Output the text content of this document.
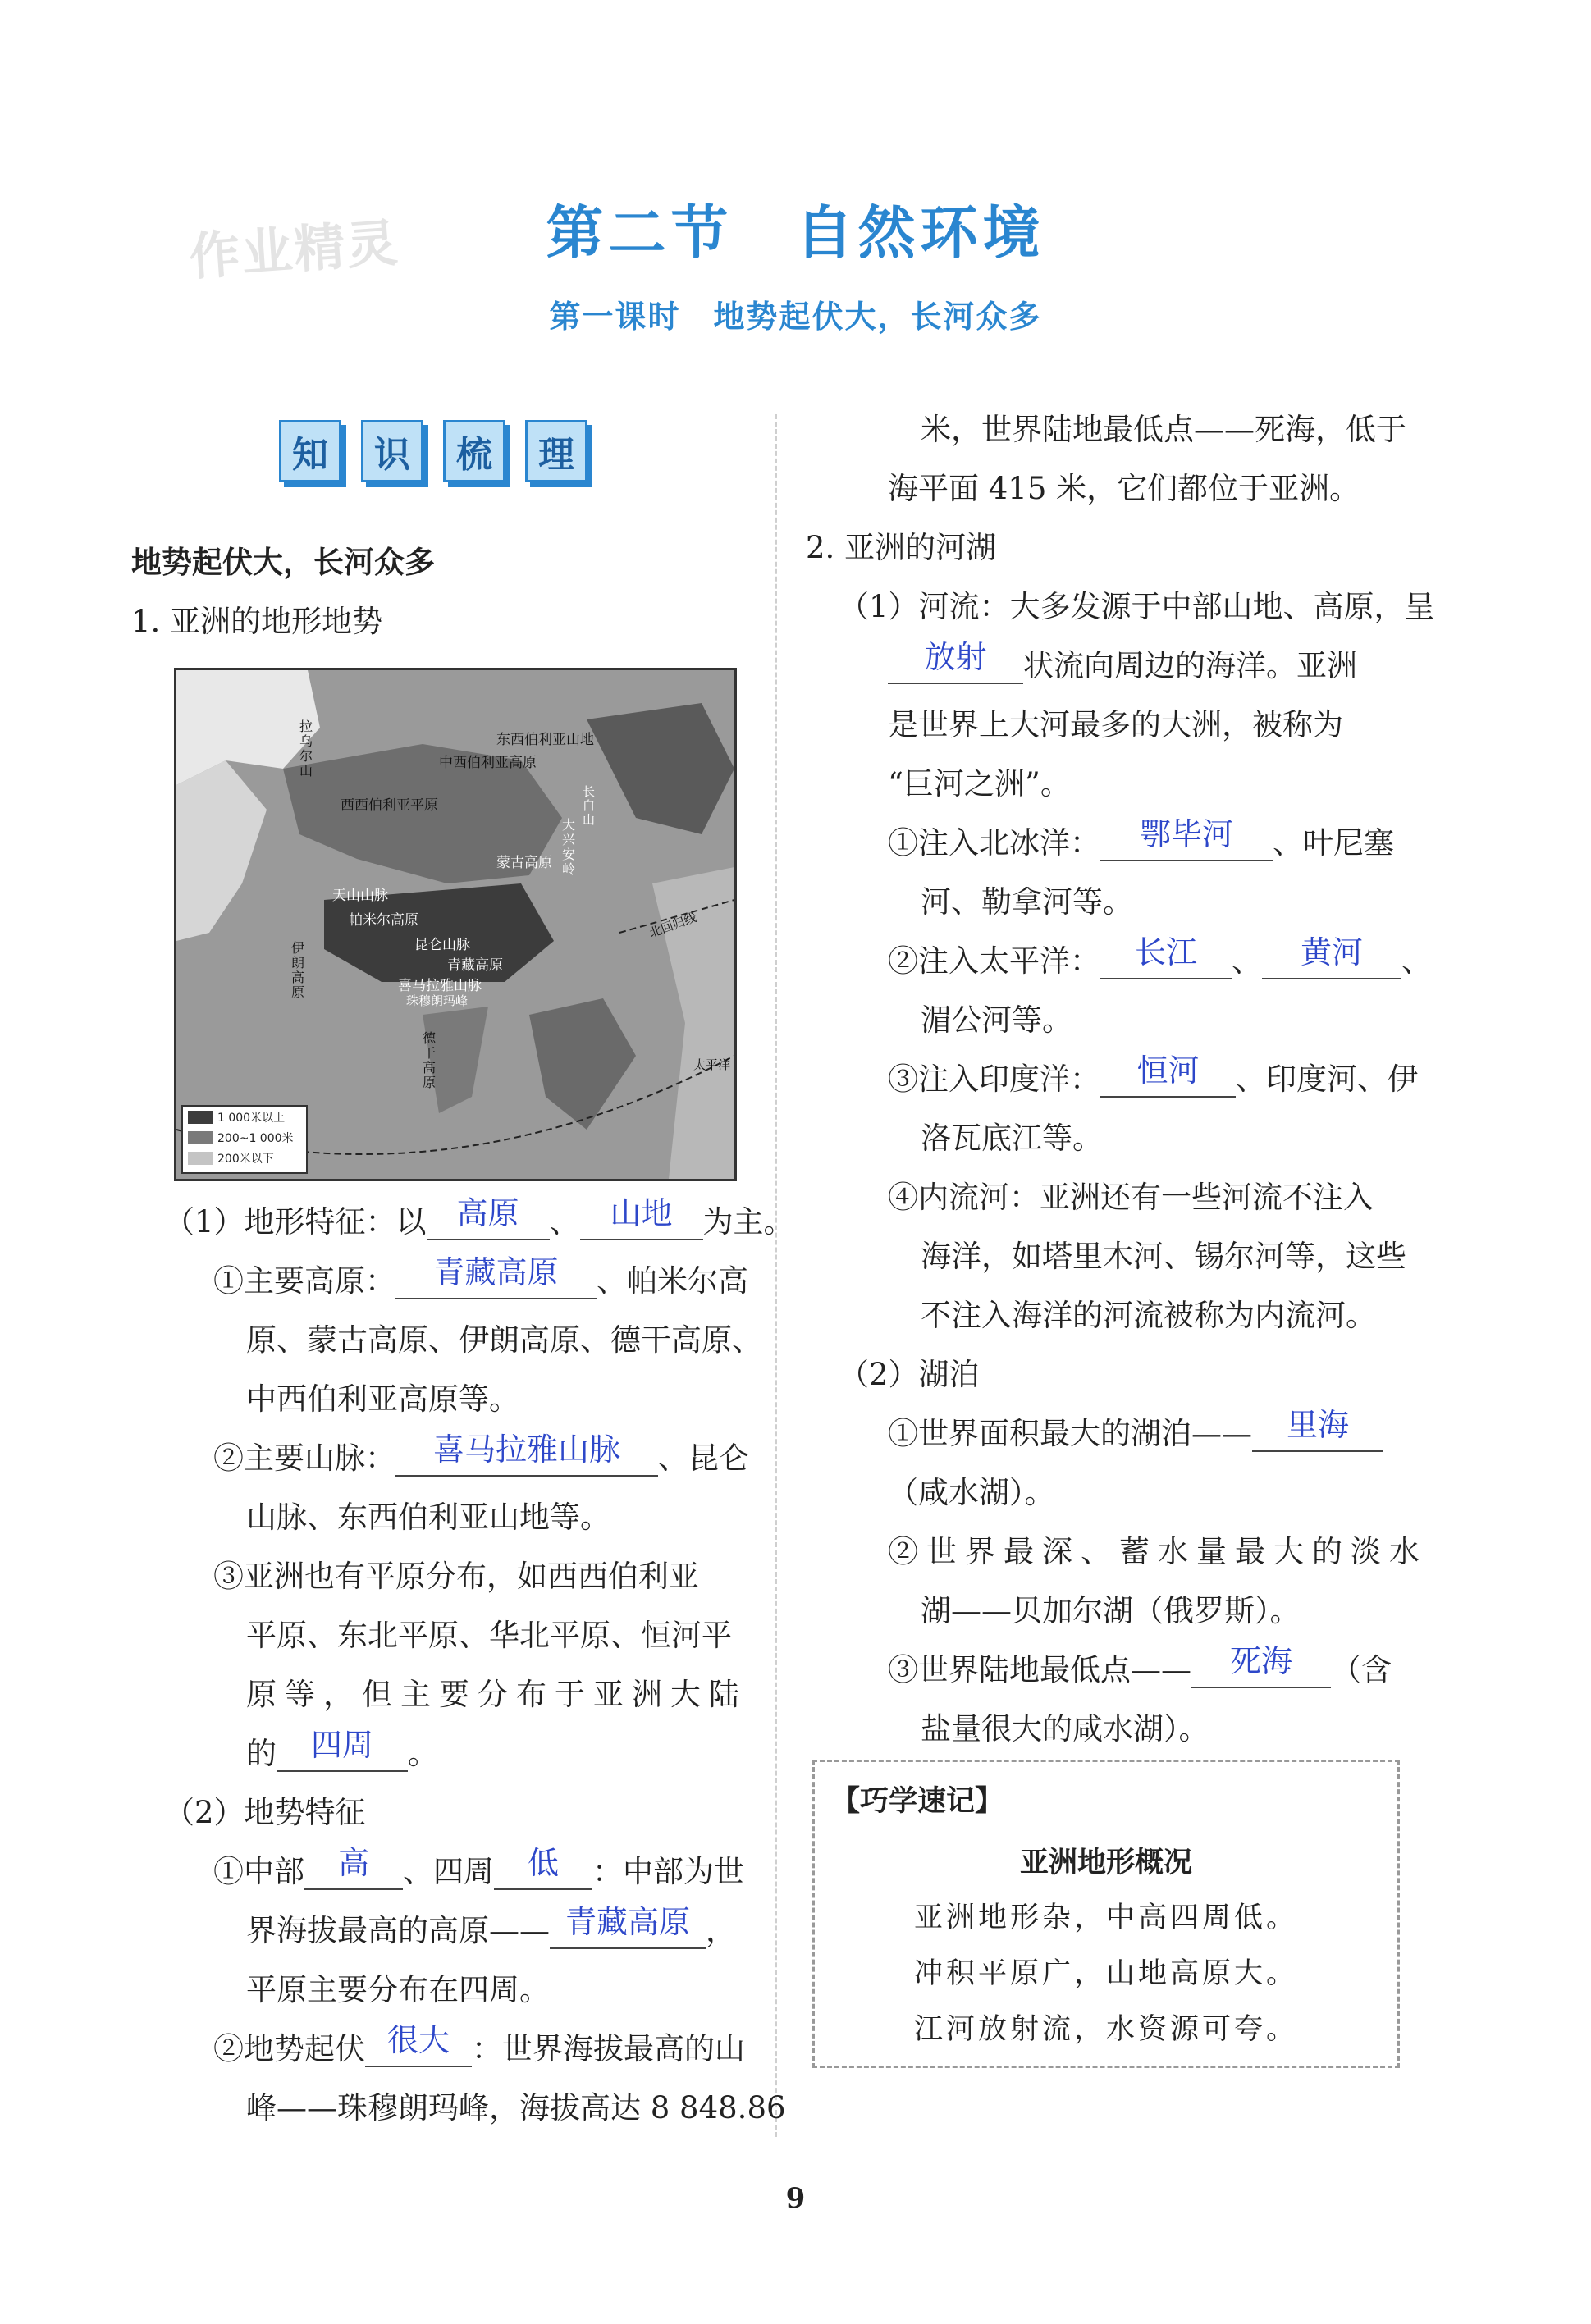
作业精灵	第二节　自然环境
第一课时　地势起伏大，长河众多
知	识	梳	理
地势起伏大，长河众多
1. 亚洲的地形地势
东西伯利亚山地
中西伯利亚高原
西西伯利亚平原
拉乌尔山
蒙古高原
大兴安岭
天山山脉
帕米尔高原
昆仑山脉
青藏高原
喜马拉雅山脉
珠穆朗玛峰
伊朗高原
德干高原
长白山
北回归线
太平洋
1 000米以上
200~1 000米
200米以下
（1）地形特征：以 高原	、 山地	为主。
①主要高原：	青藏高原	、帕米尔高
原、蒙古高原、伊朗高原、德干高原、
中西伯利亚高原等。
②主要山脉：	喜马拉雅山脉	、昆仑
山脉、东西伯利亚山地等。
③亚洲也有平原分布，如西西伯利亚
平原、东北平原、华北平原、恒河平
原等，但主要分布于亚洲大陆
的	四周	。
（2）地势特征
①中部	高	、四周	低	：中部为世
界海拔最高的高原—— 青藏高原 ，
平原主要分布在四周。
②地势起伏 很大 ：世界海拔最高的山
峰——珠穆朗玛峰，海拔高达 8 848.86
米，世界陆地最低点——死海，低于
海平面 415 米，它们都位于亚洲。
2. 亚洲的河湖
（1）河流：大多发源于中部山地、高原，呈
放射	状流向周边的海洋。亚洲
是世界上大河最多的大洲，被称为
“巨河之洲”。
①注入北冰洋：	鄂毕河	、叶尼塞
河、勒拿河等。
②注入太平洋：	长江	、	黄河	、
湄公河等。
③注入印度洋：	恒河	、印度河、伊
洛瓦底江等。
④内流河：亚洲还有一些河流不注入
海洋，如塔里木河、锡尔河等，这些
不注入海洋的河流被称为内流河。
（2）湖泊
①世界面积最大的湖泊——	里海
（咸水湖）。
②世界最深、蓄水量最大的淡水
湖——贝加尔湖（俄罗斯）。
③世界陆地最低点——	死海	（含
盐量很大的咸水湖）。
【巧学速记】
亚洲地形概况
亚洲地形杂，中高四周低。
冲积平原广，山地高原大。
江河放射流，水资源可夸。
9
